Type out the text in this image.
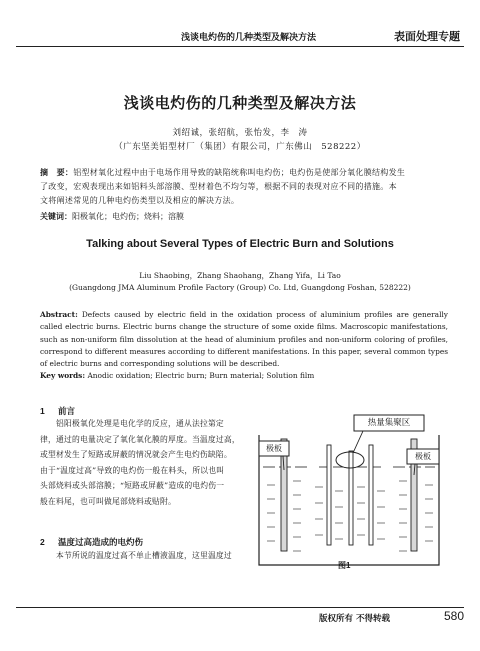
浅谈电灼伤的几种类型及解决方法	表面处理专题
浅谈电灼伤的几种类型及解决方法
刘绍诚，张绍航，张怡发，李　涛
（广东坚美铝型材厂（集团）有限公司，广东佛山　528222）
摘　要：铝型材氧化过程中由于电场作用导致的缺陷统称叫电灼伤；电灼伤是使部分氧化膜结构发生
了改变，宏观表现出来如铝料头部溶膜、型材着色不均匀等，根据不同的表现对应不同的措施。本
文将阐述常见的几种电灼伤类型以及相应的解决方法。
关键词：阳极氧化；电灼伤；烧料；溶膜
Talking about Several Types of Electric Burn and Solutions
Liu Shaobing，Zhang Shaohang，Zhang Yifa，Li Tao
(Guangdong JMA Aluminum Profile Factory (Group) Co. Ltd, Guangdong Foshan, 528222)
Abstract: Defects caused by electric field in the oxidation process of aluminium profiles are generally called electric burns. Electric burns change the structure of some oxide films. Macroscopic manifestations, such as non-uniform film dissolution at the head of aluminium profiles and non-uniform coloring of profiles, correspond to different measures according to different manifestations. In this paper, several common types of electric burns and corresponding solutions will be described.
Key words: Anodic oxidation; Electric burn; Burn material; Solution film
1 前言
铝阳极氧化处理是电化学的反应，通从法拉第定
律，通过的电量决定了氧化氧化膜的厚度。当温度过高，
或型材发生了短路或屏蔽的情况就会产生电灼伤缺陷。
由于“温度过高”导致的电灼伤一般在料头，所以也叫
头部烧料或头部溶膜；“短路或屏蔽”造成的电灼伤一
般在料尾，也可叫做尾部烧料或贴附。
2 温度过高造成的电灼伤
本节所说的温度过高不单止槽液温度，这里温度过
热量集聚区
极板
极板
图1
版权所有 不得转载	580
